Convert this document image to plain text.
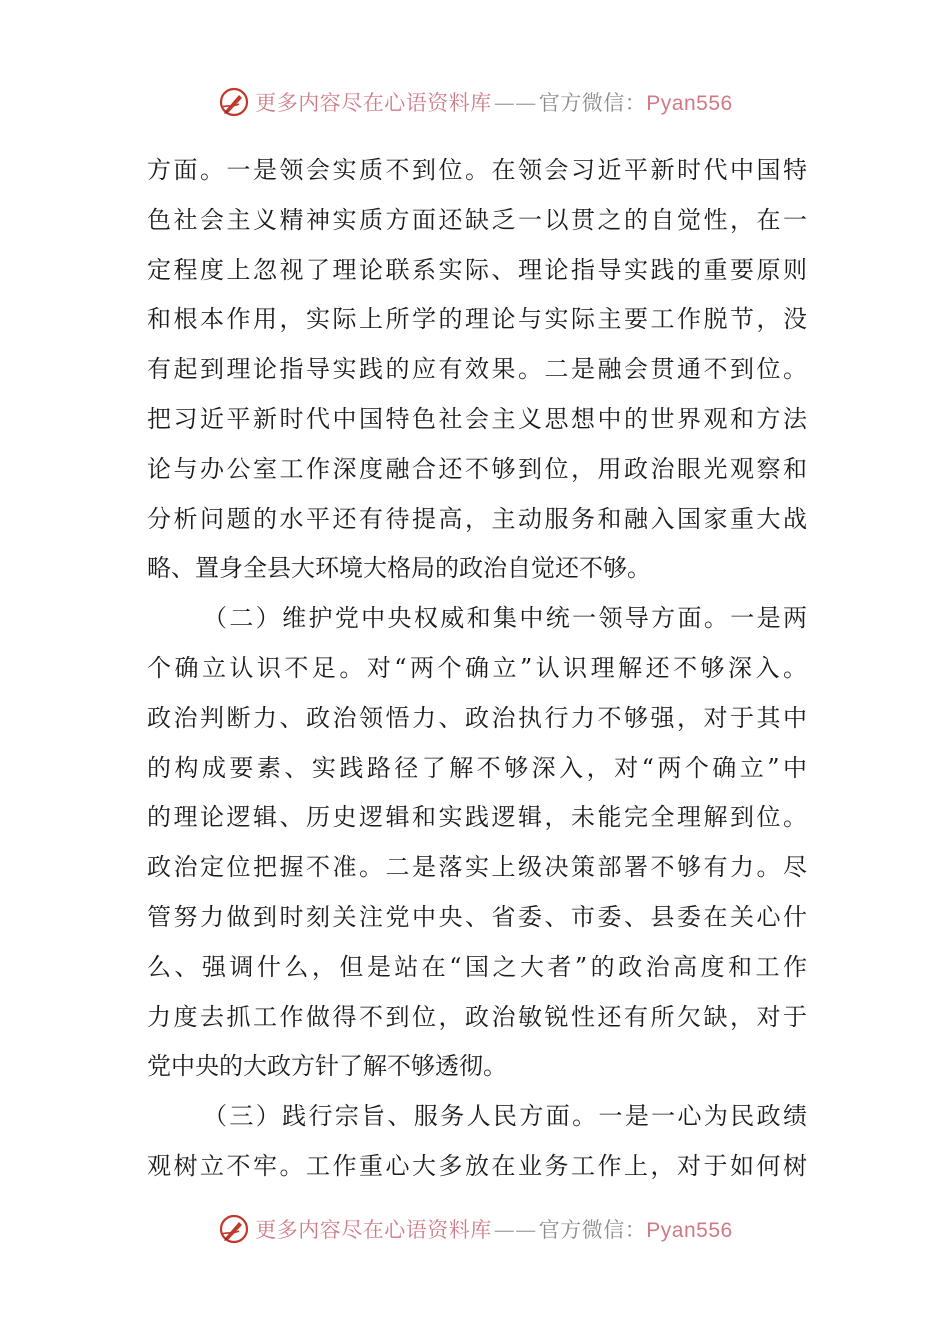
更多内容尽在心语资料库——官方微信：Pyan556
方面。一是领会实质不到位。在领会习近平新时代中国特
色社会主义精神实质方面还缺乏一以贯之的自觉性，在一
定程度上忽视了理论联系实际、理论指导实践的重要原则
和根本作用，实际上所学的理论与实际主要工作脱节，没
有起到理论指导实践的应有效果。二是融会贯通不到位。
把习近平新时代中国特色社会主义思想中的世界观和方法
论与办公室工作深度融合还不够到位，用政治眼光观察和
分析问题的水平还有待提高，主动服务和融入国家重大战
略、置身全县大环境大格局的政治自觉还不够。
（二）维护党中央权威和集中统一领导方面。一是两
个确立认识不足。对“两个确立”认识理解还不够深入。
政治判断力、政治领悟力、政治执行力不够强，对于其中
的构成要素、实践路径了解不够深入，对“两个确立”中
的理论逻辑、历史逻辑和实践逻辑，未能完全理解到位。
政治定位把握不准。二是落实上级决策部署不够有力。尽
管努力做到时刻关注党中央、省委、市委、县委在关心什
么、强调什么，但是站在“国之大者”的政治高度和工作
力度去抓工作做得不到位，政治敏锐性还有所欠缺，对于
党中央的大政方针了解不够透彻。
（三）践行宗旨、服务人民方面。一是一心为民政绩
观树立不牢。工作重心大多放在业务工作上，对于如何树
更多内容尽在心语资料库——官方微信：Pyan556
